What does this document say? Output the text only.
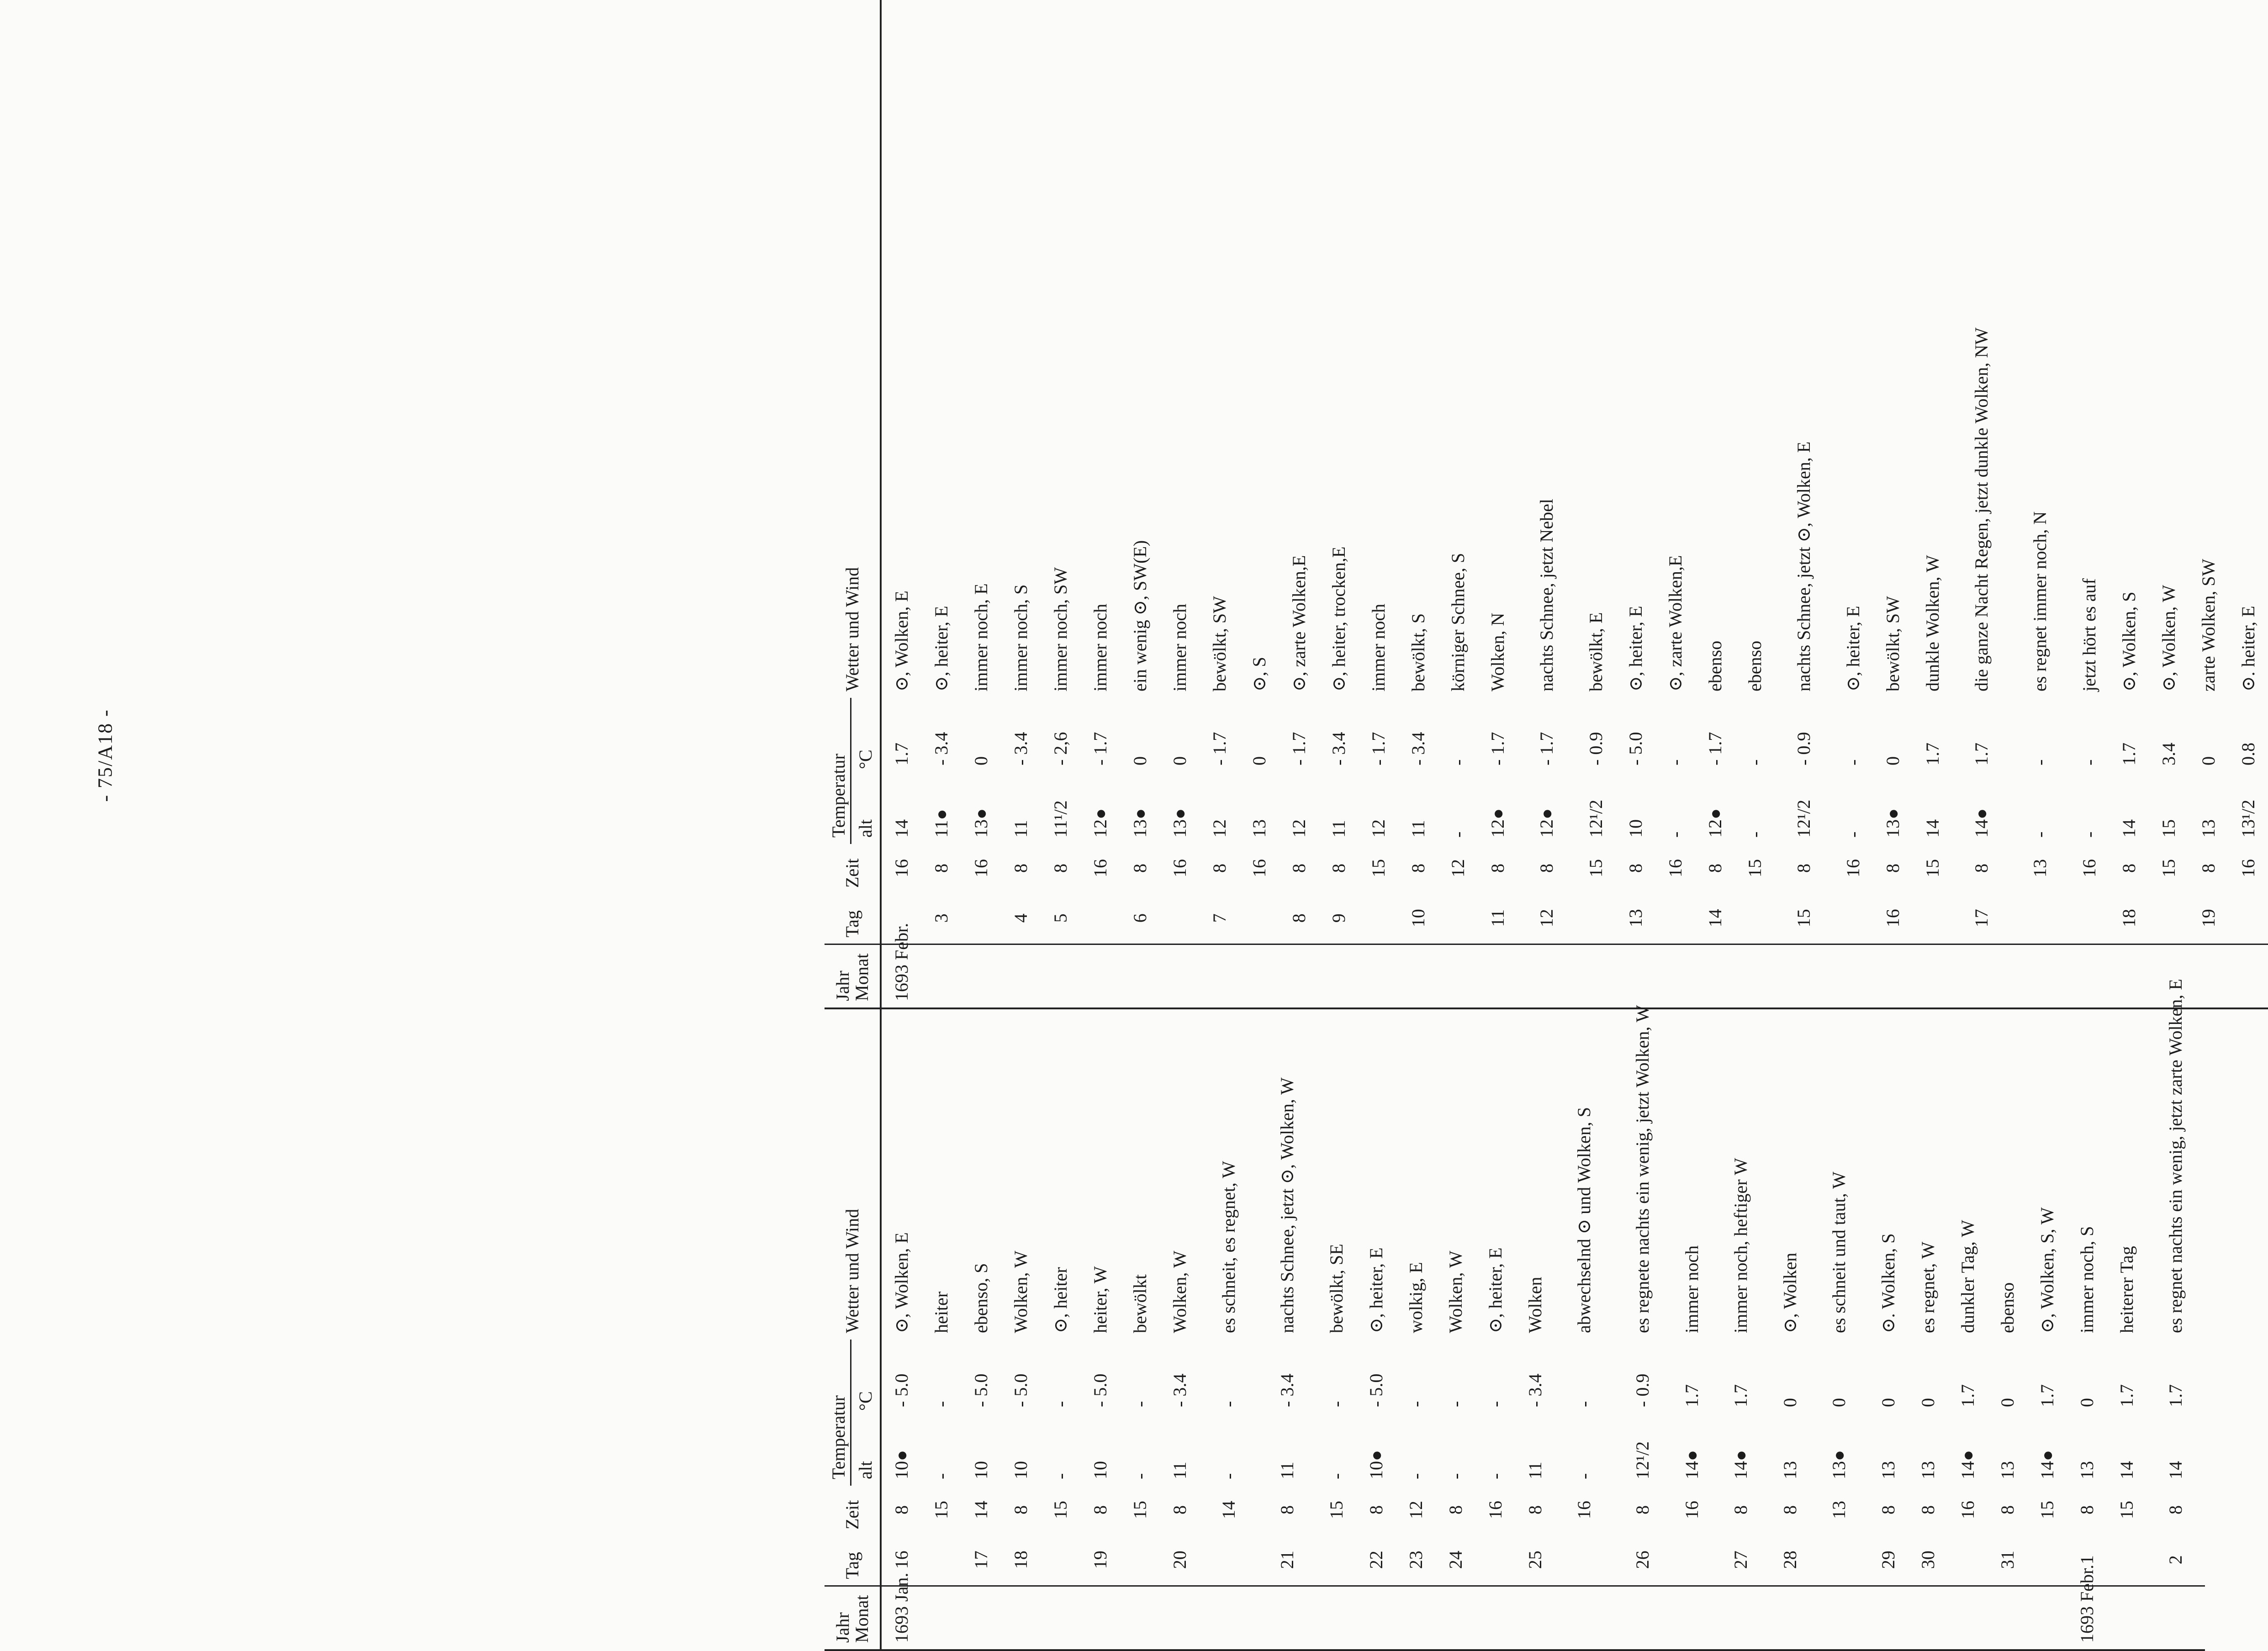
- 75/A18 -
Jahr
Monat	Tag	Zeit	Temperatur		Wetter und Wind
			alt	°C	
1693 Febr.		16	14	1.7	⊙, Wolken, E
	3	8	11●	- 3.4	⊙, heiter, E
		16	13●	0	immer noch, E
	4	8	11	- 3.4	immer noch, S
	5	8	11¹/2	- 2,6	immer noch, SW
		16	12●	- 1.7	immer noch
	6	8	13●	0	ein wenig ⊙, SW(E)
		16	13●	0	immer noch
	7	8	12	- 1.7	bewölkt, SW
		16	13	0	⊙, S
	8	8	12	- 1.7	⊙, zarte Wolken,E
	9	8	11	- 3.4	⊙, heiter, trocken,E
		15	12	- 1.7	immer noch
	10	8	11	- 3.4	bewölkt, S
		12	-	-	körniger Schnee, S
	11	8	12●	- 1.7	Wolken, N
	12	8	12●	- 1.7	nachts Schnee, jetzt Nebel
		15	12¹/2	- 0.9	bewölkt, E
	13	8	10	- 5.0	⊙, heiter, E
		16	-	-	⊙, zarte Wolken,E
	14	8	12●	- 1.7	ebenso
		15	-	-	ebenso
	15	8	12¹/2	- 0.9	nachts Schnee, jetzt ⊙, Wolken, E
		16	-	-	⊙, heiter, E
	16	8	13●	0	bewölkt, SW
		15	14	1.7	dunkle Wolken, W
	17	8	14●	1.7	die ganze Nacht Regen, jetzt dunkle Wolken, NW
		13	-	-	es regnet immer noch, N
		16	-	-	jetzt hört es auf
	18	8	14	1.7	⊙, Wolken, S
		15	15	3.4	⊙, Wolken, W
	19	8	13	0	zarte Wolken, SW
		16	13¹/2	0.8	⊙. heiter, E
Jahr
Monat	Tag	Zeit	Temperatur		Wetter und Wind
			alt	°C	
1693 Jan.	16	8	10●	- 5.0	⊙, Wolken, E
		15	-	-	heiter
	17	14	10	- 5.0	ebenso, S
	18	8	10	- 5.0	Wolken, W
		15	-	-	⊙, heiter
	19	8	10	- 5.0	heiter, W
		15	-	-	bewölkt
	20	8	11	- 3.4	Wolken, W
		14	-	-	es schneit, es regnet, W
	21	8	11	- 3.4	nachts Schnee, jetzt ⊙, Wolken, W
		15	-	-	bewölkt, SE
	22	8	10●	- 5.0	⊙, heiter, E
	23	12	-	-	wolkig, E
	24	8	-	-	Wolken, W
		16	-	-	⊙, heiter, E
	25	8	11	- 3.4	Wolken
		16	-	-	abwechselnd ⊙ und Wolken, S
	26	8	12¹/2	- 0.9	es regnete nachts ein wenig, jetzt Wolken, W
		16	14●	1.7	immer noch
	27	8	14●	1.7	immer noch, heftiger W
	28	8	13	0	⊙, Wolken
		13	13●	0	es schneit und taut, W
	29	8	13	0	⊙. Wolken, S
	30	8	13	0	es regnet, W
		16	14●	1.7	dunkler Tag, W
	31	8	13	0	ebenso
		15	14●	1.7	⊙, Wolken, S, W
1693 Febr.	1	8	13	0	immer noch, S
		15	14	1.7	heiterer Tag
	2	8	14	1.7	es regnet nachts ein wenig, jetzt zarte Wolken, E
